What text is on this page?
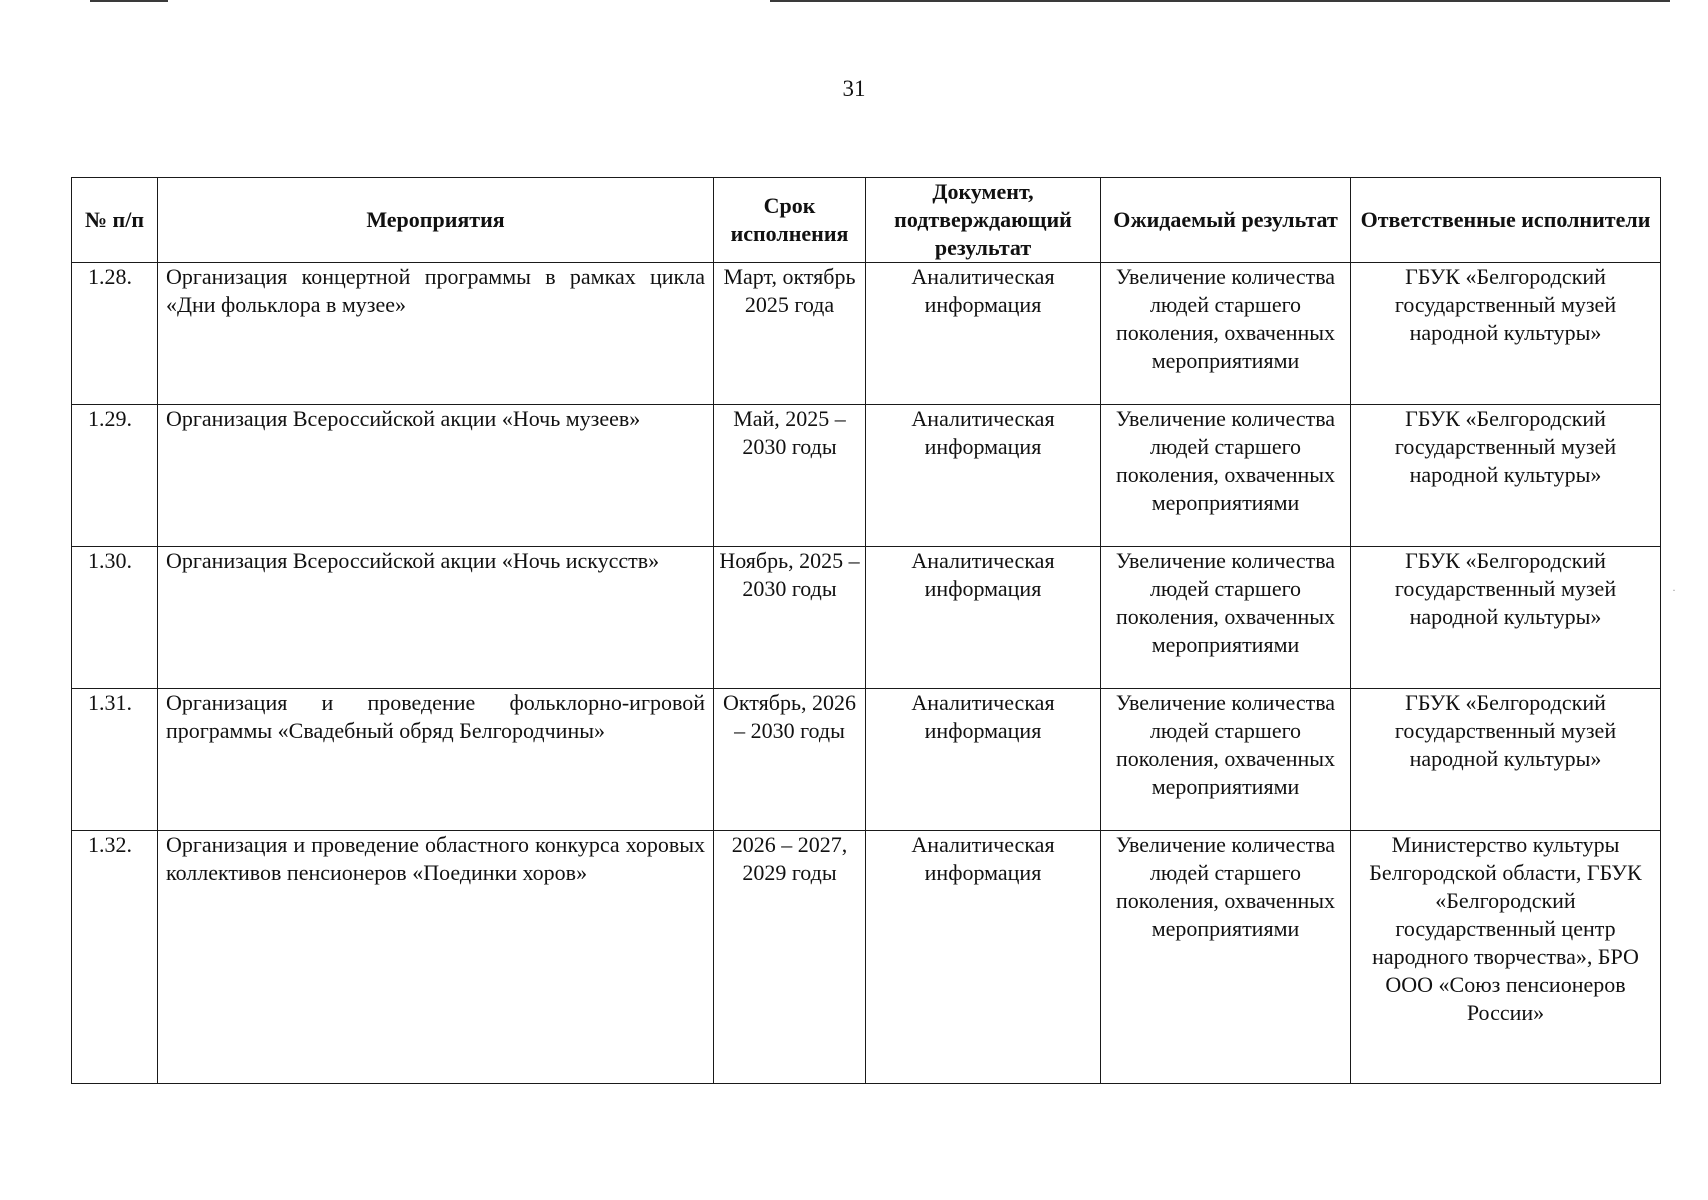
31
№ п/п	Мероприятия	Срок исполнения	Документ, подтверждающий результат	Ожидаемый результат	Ответственные исполнители
1.28.	Организация концертной программы в рамках цикла «Дни фольклора в музее»	Март, октябрь 2025 года	Аналитическая информация	Увеличение количества людей старшего поколения, охваченных мероприятиями	ГБУК «Белгородский государственный музей народной культуры»
1.29.	Организация Всероссийской акции «Ночь музеев»	Май, 2025 – 2030 годы	Аналитическая информация	Увеличение количества людей старшего поколения, охваченных мероприятиями	ГБУК «Белгородский государственный музей народной культуры»
1.30.	Организация Всероссийской акции «Ночь искусств»	Ноябрь, 2025 – 2030 годы	Аналитическая информация	Увеличение количества людей старшего поколения, охваченных мероприятиями	ГБУК «Белгородский государственный музей народной культуры»
1.31.	Организация и проведение фольклорно-игровой программы «Свадебный обряд Белгородчины»	Октябрь, 2026 – 2030 годы	Аналитическая информация	Увеличение количества людей старшего поколения, охваченных мероприятиями	ГБУК «Белгородский государственный музей народной культуры»
1.32.	Организация и проведение областного конкурса хоровых коллективов пенсионеров «Поединки хоров»	2026 – 2027, 2029 годы	Аналитическая информация	Увеличение количества людей старшего поколения, охваченных мероприятиями	Министерство культуры Белгородской области, ГБУК «Белгородский государственный центр народного творчества», БРО ООО «Союз пенсионеров России»
·
